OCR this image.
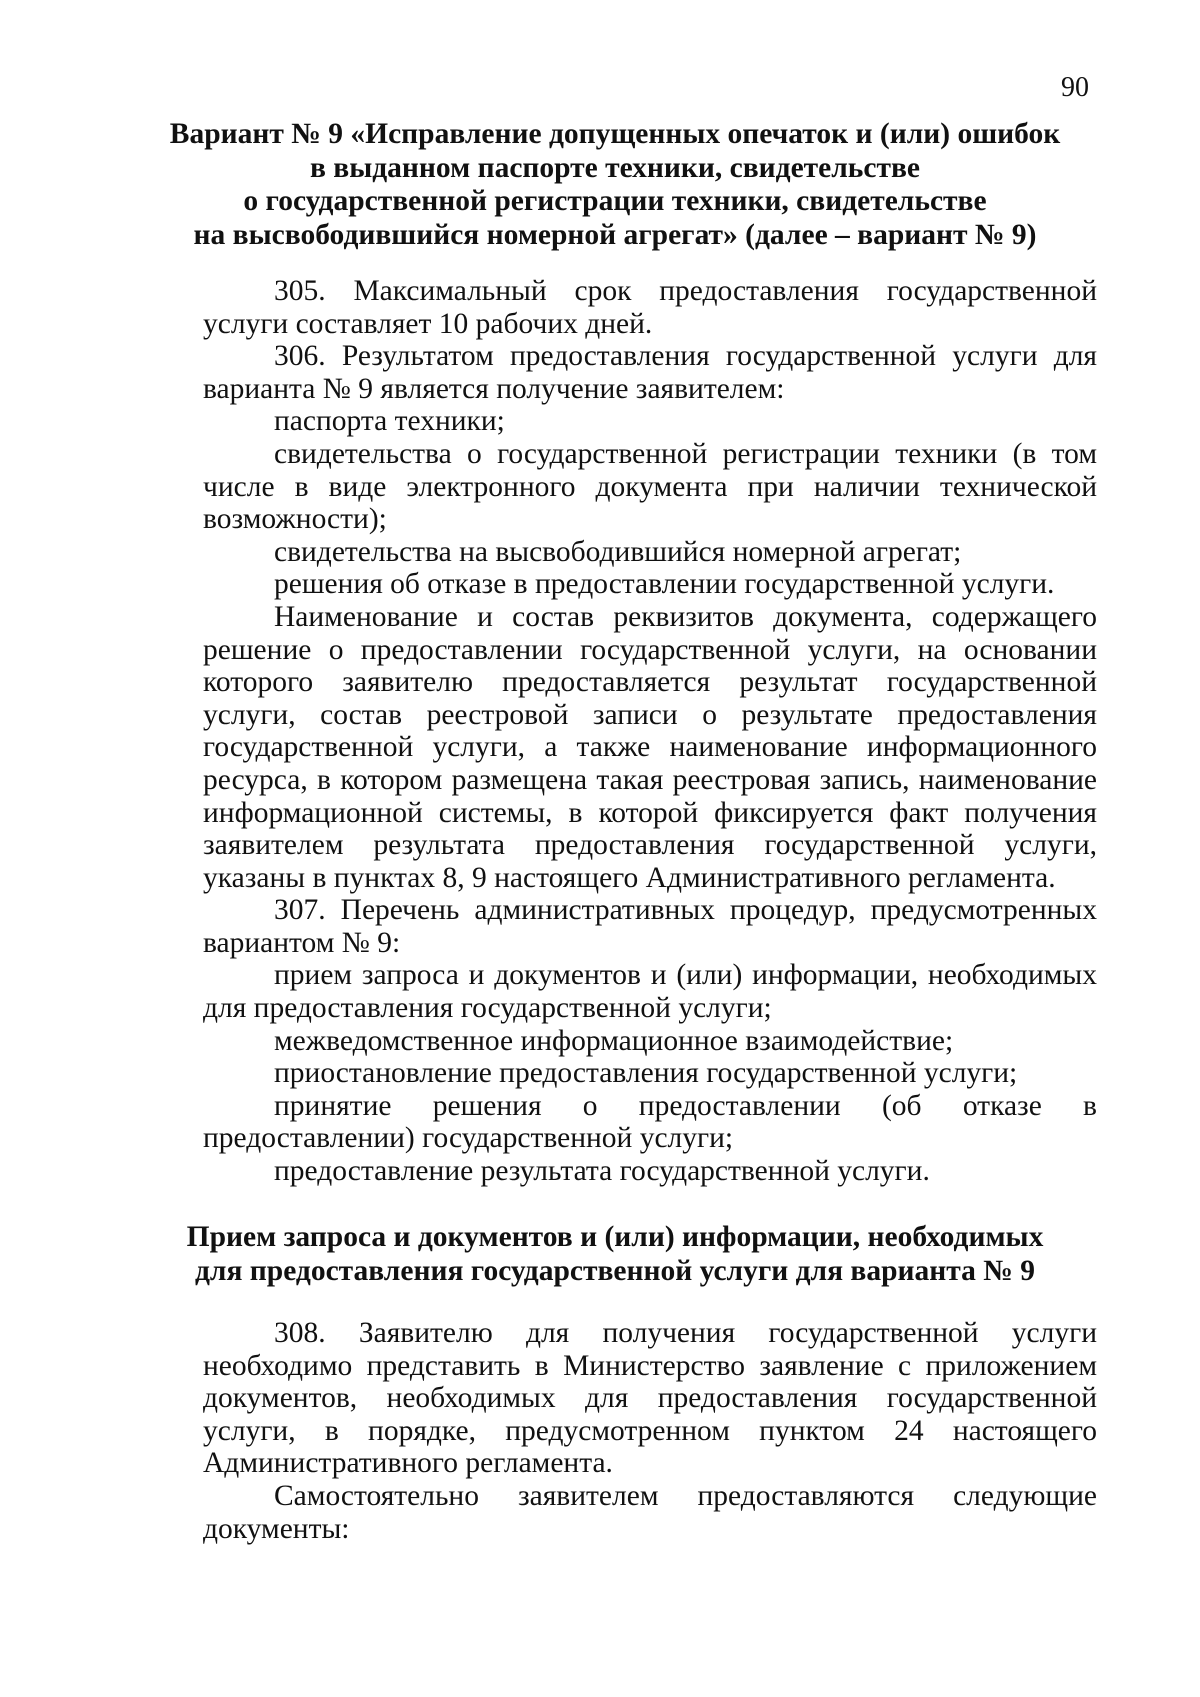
90
Вариант № 9 «Исправление допущенных опечаток и (или) ошибок
в выданном паспорте техники, свидетельстве
о государственной регистрации техники, свидетельстве
на высвободившийся номерной агрегат» (далее – вариант № 9)

305. Максимальный срок предоставления государственной услуги составляет 10 рабочих дней.

306. Результатом предоставления государственной услуги для варианта № 9 является получение заявителем:

паспорта техники;

свидетельства о государственной регистрации техники (в том числе в виде электронного документа при наличии технической возможности);

свидетельства на высвободившийся номерной агрегат;

решения об отказе в предоставлении государственной услуги.

Наименование и состав реквизитов документа, содержащего решение о предоставлении государственной услуги, на основании которого заявителю предоставляется результат государственной услуги, состав реестровой записи о результате предоставления государственной услуги, а также наименование информационного ресурса, в котором размещена такая реестровая запись, наименование информационной системы, в которой фиксируется факт получения заявителем результата предоставления государственной услуги, указаны в пунктах 8, 9 настоящего Административного регламента.

307. Перечень административных процедур, предусмотренных вариантом № 9:

прием запроса и документов и (или) информации, необходимых для предоставления государственной услуги;

межведомственное информационное взаимодействие;

приостановление предоставления государственной услуги;

принятие решения о предоставлении (об отказе в предоставлении) государственной услуги;

предоставление результата государственной услуги.

Прием запроса и документов и (или) информации, необходимых
для предоставления государственной услуги для варианта № 9

308. Заявителю для получения государственной услуги необходимо представить в Министерство заявление с приложением документов, необходимых для предоставления государственной услуги, в порядке, предусмотренном пунктом 24 настоящего Административного регламента.

Самостоятельно заявителем предоставляются следующие документы:
